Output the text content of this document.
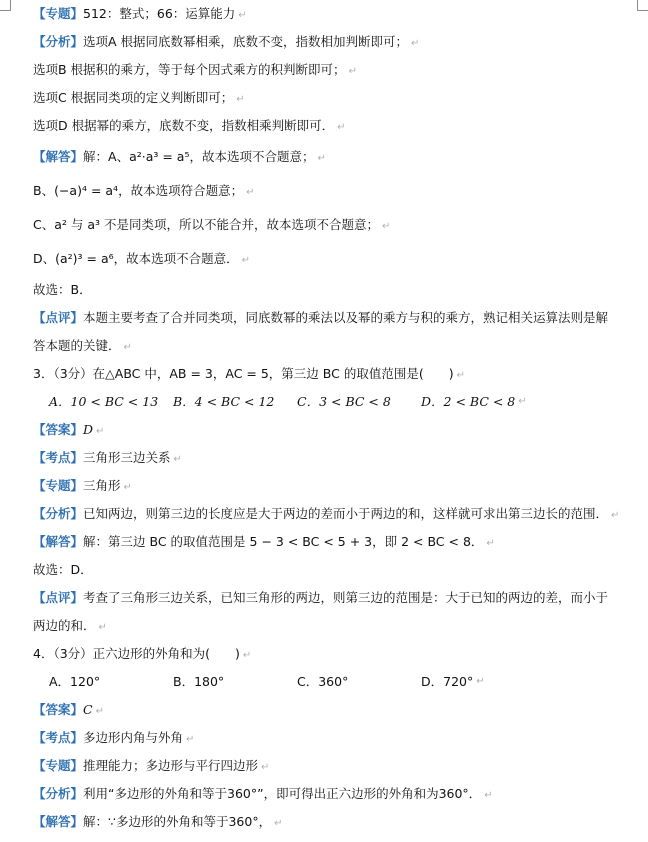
【专题】512：整式；66：运算能力 ↵
【分析】选项A 根据同底数幂相乘，底数不变，指数相加判断即可； ↵
选项B 根据积的乘方，等于每个因式乘方的积判断即可； ↵
选项C 根据同类项的定义判断即可； ↵
选项D 根据幂的乘方，底数不变，指数相乘判断即可． ↵
【解答】解：A、a²·a³ = a⁵，故本选项不合题意； ↵
B、(−a)⁴ = a⁴，故本选项符合题意； ↵
C、a² 与 a³ 不是同类项，所以不能合并，故本选项不合题意； ↵
D、(a²)³ = a⁶，故本选项不合题意． ↵
故选：B．
【点评】本题主要考查了合并同类项，同底数幂的乘法以及幂的乘方与积的乘方，熟记相关运算法则是解
答本题的关键． ↵
3．（3分）在△ABC 中，AB = 3，AC = 5，第三边 BC 的取值范围是(　　) ↵
A．10 < BC < 13	B．4 < BC < 12	C．3 < BC < 8	D．2 < BC < 8 ↵
【答案】D ↵
【考点】三角形三边关系 ↵
【专题】三角形 ↵
【分析】已知两边，则第三边的长度应是大于两边的差而小于两边的和，这样就可求出第三边长的范围． ↵
【解答】解：第三边 BC 的取值范围是 5 − 3 < BC < 5 + 3，即 2 < BC < 8． ↵
故选：D．
【点评】考查了三角形三边关系，已知三角形的两边，则第三边的范围是：大于已知的两边的差，而小于
两边的和． ↵
4．（3分）正六边形的外角和为(　　) ↵
A．120°	B．180°	C．360°	D．720° ↵
【答案】C ↵
【考点】多边形内角与外角 ↵
【专题】推理能力；多边形与平行四边形 ↵
【分析】利用“多边形的外角和等于360°”，即可得出正六边形的外角和为360°． ↵
【解答】解：∵多边形的外角和等于360°， ↵
